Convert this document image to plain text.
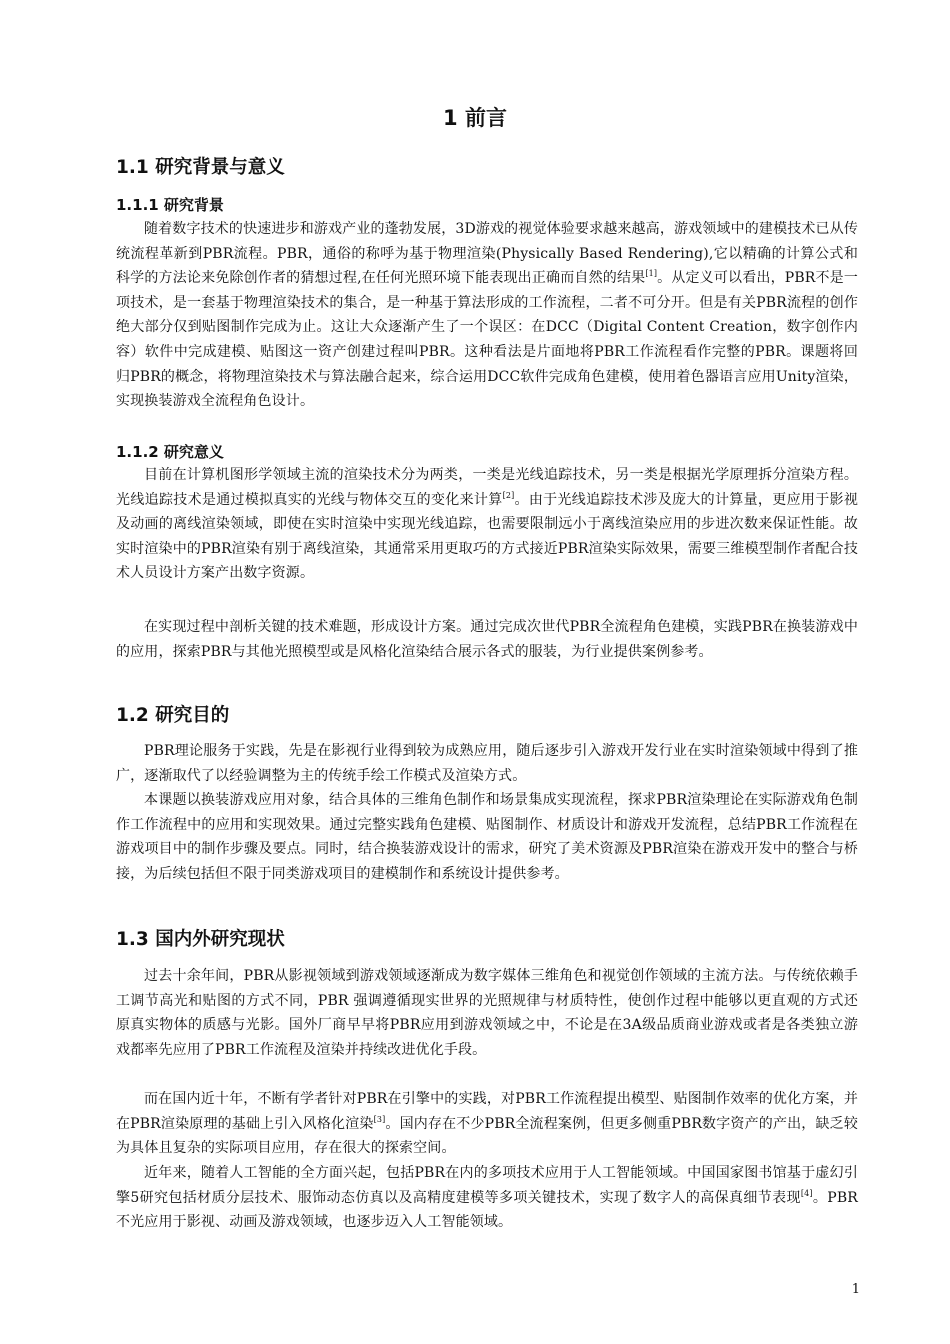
1 前言
1.1 研究背景与意义
1.1.1 研究背景
随着数字技术的快速进步和游戏产业的蓬勃发展，3D游戏的视觉体验要求越来越高，游戏领域中的建模技术已从传统流程革新到PBR流程。PBR，通俗的称呼为基于物理渲染(Physically Based Rendering),它以精确的计算公式和科学的方法论来免除创作者的猜想过程,在任何光照环境下能表现出正确而自然的结果[1]。从定义可以看出，PBR不是一项技术，是一套基于物理渲染技术的集合，是一种基于算法形成的工作流程，二者不可分开。但是有关PBR流程的创作绝大部分仅到贴图制作完成为止。这让大众逐渐产生了一个误区：在DCC（Digital Content Creation，数字创作内容）软件中完成建模、贴图这一资产创建过程叫PBR。这种看法是片面地将PBR工作流程看作完整的PBR。课题将回归PBR的概念，将物理渲染技术与算法融合起来，综合运用DCC软件完成角色建模，使用着色器语言应用Unity渲染，实现换装游戏全流程角色设计。
1.1.2 研究意义
目前在计算机图形学领域主流的渲染技术分为两类，一类是光线追踪技术，另一类是根据光学原理拆分渲染方程。光线追踪技术是通过模拟真实的光线与物体交互的变化来计算[2]。由于光线追踪技术涉及庞大的计算量，更应用于影视及动画的离线渲染领域，即使在实时渲染中实现光线追踪，也需要限制远小于离线渲染应用的步进次数来保证性能。故实时渲染中的PBR渲染有别于离线渲染，其通常采用更取巧的方式接近PBR渲染实际效果，需要三维模型制作者配合技术人员设计方案产出数字资源。
在实现过程中剖析关键的技术难题，形成设计方案。通过完成次世代PBR全流程角色建模，实践PBR在换装游戏中的应用，探索PBR与其他光照模型或是风格化渲染结合展示各式的服装，为行业提供案例参考。
1.2 研究目的
PBR理论服务于实践，先是在影视行业得到较为成熟应用，随后逐步引入游戏开发行业在实时渲染领域中得到了推广，逐渐取代了以经验调整为主的传统手绘工作模式及渲染方式。
本课题以换装游戏应用对象，结合具体的三维角色制作和场景集成实现流程，探求PBR渲染理论在实际游戏角色制作工作流程中的应用和实现效果。通过完整实践角色建模、贴图制作、材质设计和游戏开发流程，总结PBR工作流程在游戏项目中的制作步骤及要点。同时，结合换装游戏设计的需求，研究了美术资源及PBR渲染在游戏开发中的整合与桥接，为后续包括但不限于同类游戏项目的建模制作和系统设计提供参考。
1.3 国内外研究现状
过去十余年间，PBR从影视领域到游戏领域逐渐成为数字媒体三维角色和视觉创作领域的主流方法。与传统依赖手工调节高光和贴图的方式不同，PBR 强调遵循现实世界的光照规律与材质特性，使创作过程中能够以更直观的方式还原真实物体的质感与光影。国外厂商早早将PBR应用到游戏领域之中，不论是在3A级品质商业游戏或者是各类独立游戏都率先应用了PBR工作流程及渲染并持续改进优化手段。
而在国内近十年，不断有学者针对PBR在引擎中的实践，对PBR工作流程提出模型、贴图制作效率的优化方案，并在PBR渲染原理的基础上引入风格化渲染[3]。国内存在不少PBR全流程案例，但更多侧重PBR数字资产的产出，缺乏较为具体且复杂的实际项目应用，存在很大的探索空间。
近年来，随着人工智能的全方面兴起，包括PBR在内的多项技术应用于人工智能领域。中国国家图书馆基于虚幻引擎5研究包括材质分层技术、服饰动态仿真以及高精度建模等多项关键技术，实现了数字人的高保真细节表现[4]。PBR不光应用于影视、动画及游戏领域，也逐步迈入人工智能领域。
1
